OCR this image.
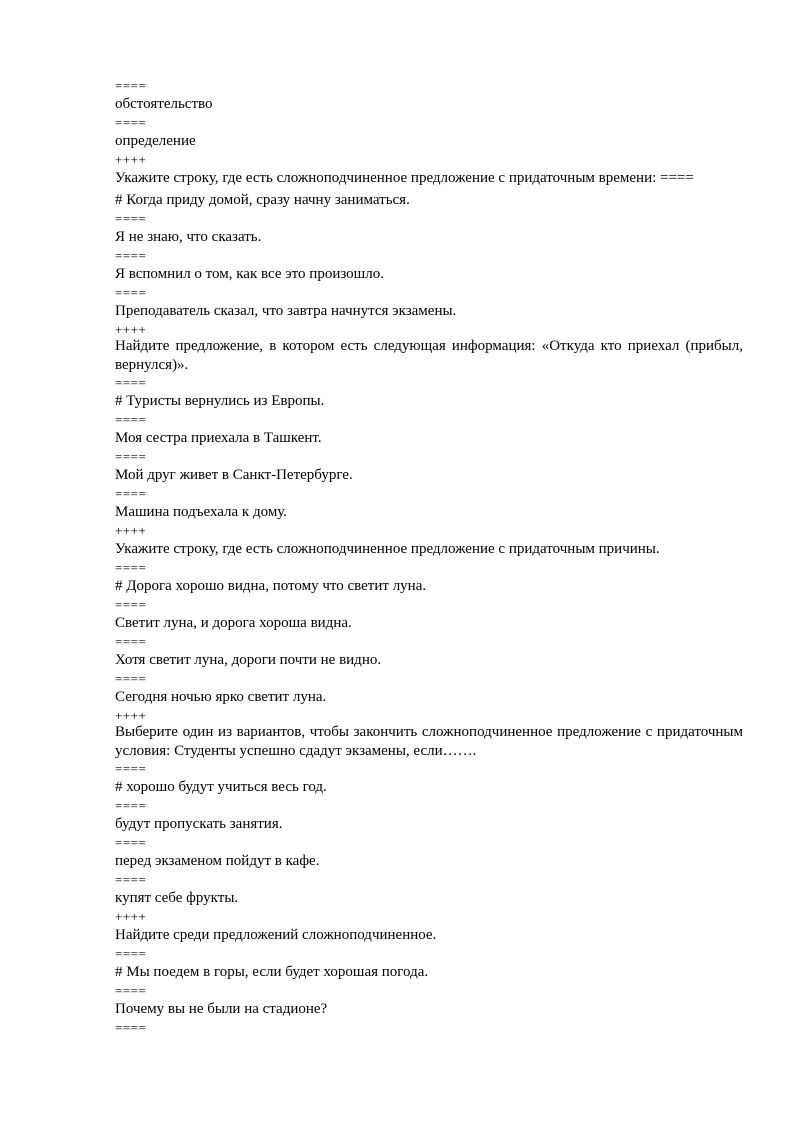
====
обстоятельство
====
определение
++++
Укажите строку, где есть сложноподчиненное предложение с придаточным времени: ====
# Когда приду домой, сразу начну заниматься.
====
Я не знаю, что сказать.
====
Я вспомнил о том, как все это произошло.
====
Преподаватель сказал, что завтра начнутся экзамены.
++++
Найдите предложение, в котором есть следующая информация: «Откуда кто приехал (прибыл, вернулся)».
====
# Туристы вернулись из Европы.
====
Моя сестра приехала в Ташкент.
====
Мой друг живет в Санкт-Петербурге.
====
Машина подъехала к дому.
++++
Укажите строку, где есть сложноподчиненное предложение с придаточным причины.
====
# Дорога хорошо видна, потому что светит луна.
====
Светит луна, и дорога хороша видна.
====
Хотя светит луна, дороги почти не видно.
====
Сегодня ночью ярко светит луна.
++++
Выберите один из вариантов, чтобы закончить сложноподчиненное предложение с придаточным условия: Студенты успешно сдадут экзамены, если…….
====
# хорошо будут учиться весь год.
====
будут пропускать занятия.
====
перед экзаменом пойдут в кафе.
====
купят себе фрукты.
++++
Найдите среди предложений сложноподчиненное.
====
# Мы поедем в горы, если будет хорошая погода.
====
Почему вы не были на стадионе?
====
